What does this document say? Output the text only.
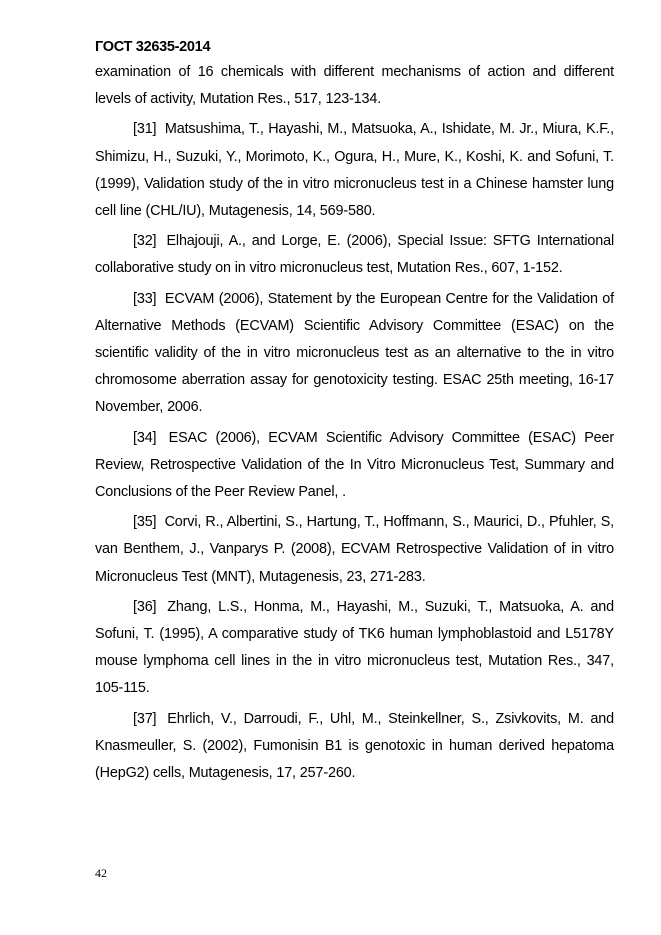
ГОСТ 32635-2014

examination of 16 chemicals with different mechanisms of action and different levels of activity, Mutation Res., 517, 123-134.

[31] Matsushima, T., Hayashi, M., Matsuoka, A., Ishidate, M. Jr., Miura, K.F., Shimizu, H., Suzuki, Y., Morimoto, K., Ogura, H., Mure, K., Koshi, K. and Sofuni, T. (1999), Validation study of the in vitro micronucleus test in a Chinese hamster lung cell line (CHL/IU), Mutagenesis, 14, 569-580.

[32] Elhajouji, A., and Lorge, E. (2006), Special Issue: SFTG International collaborative study on in vitro micronucleus test, Mutation Res., 607, 1-152.

[33] ECVAM (2006), Statement by the European Centre for the Validation of Alternative Methods (ECVAM) Scientific Advisory Committee (ESAC) on the scientific validity of the in vitro micronucleus test as an alternative to the in vitro chromosome aberration assay for genotoxicity testing. ESAC 25th meeting, 16-17 November, 2006.

[34] ESAC (2006), ECVAM Scientific Advisory Committee (ESAC) Peer Review, Retrospective Validation of the In Vitro Micronucleus Test, Summary and Conclusions of the Peer Review Panel, .

[35] Corvi, R., Albertini, S., Hartung, T., Hoffmann, S., Maurici, D., Pfuhler, S, van Benthem, J., Vanparys P. (2008), ECVAM Retrospective Validation of in vitro Micronucleus Test (MNT), Mutagenesis, 23, 271-283.

[36] Zhang, L.S., Honma, M., Hayashi, M., Suzuki, T., Matsuoka, A. and Sofuni, T. (1995), A comparative study of TK6 human lymphoblastoid and L5178Y mouse lymphoma cell lines in the in vitro micronucleus test, Mutation Res., 347, 105-115.

[37] Ehrlich, V., Darroudi, F., Uhl, M., Steinkellner, S., Zsivkovits, M. and Knasmeuller, S. (2002), Fumonisin B1 is genotoxic in human derived hepatoma (HepG2) cells, Mutagenesis, 17, 257-260.

42
